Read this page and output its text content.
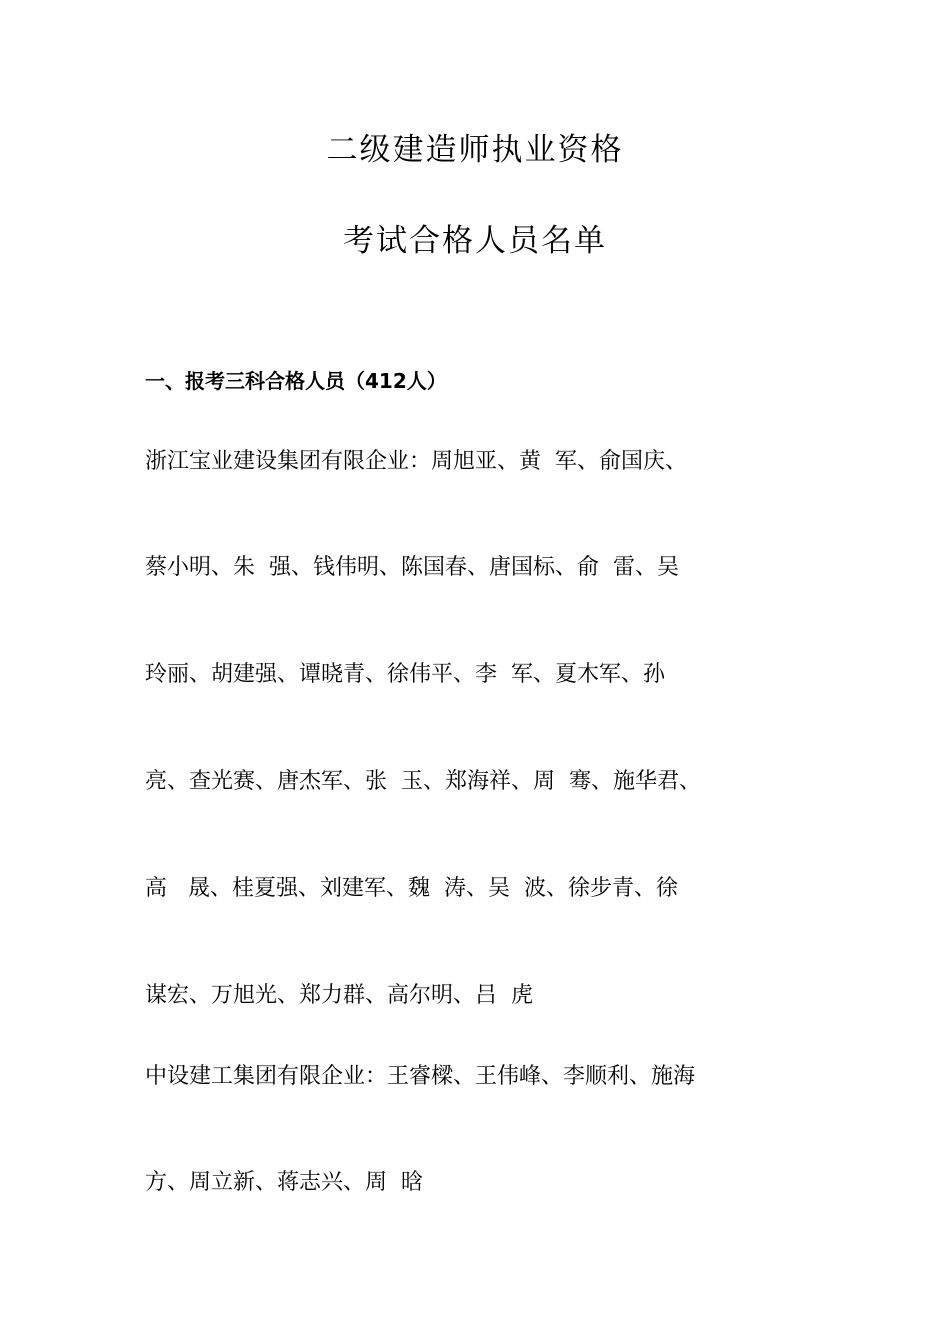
二级建造师执业资格
考试合格人员名单
一、报考三科合格人员（412人）
浙江宝业建设集团有限企业：周旭亚、黄  军、俞国庆、
蔡小明、朱  强、钱伟明、陈国春、唐国标、俞  雷、吴
玲丽、胡建强、谭晓青、徐伟平、李  军、夏木军、孙
亮、查光赛、唐杰军、张  玉、郑海祥、周  骞、施华君、
高   晟、桂夏强、刘建军、魏  涛、吴  波、徐步青、徐
谋宏、万旭光、郑力群、高尔明、吕  虎
中设建工集团有限企业：王睿樑、王伟峰、李顺利、施海
方、周立新、蒋志兴、周  晗
